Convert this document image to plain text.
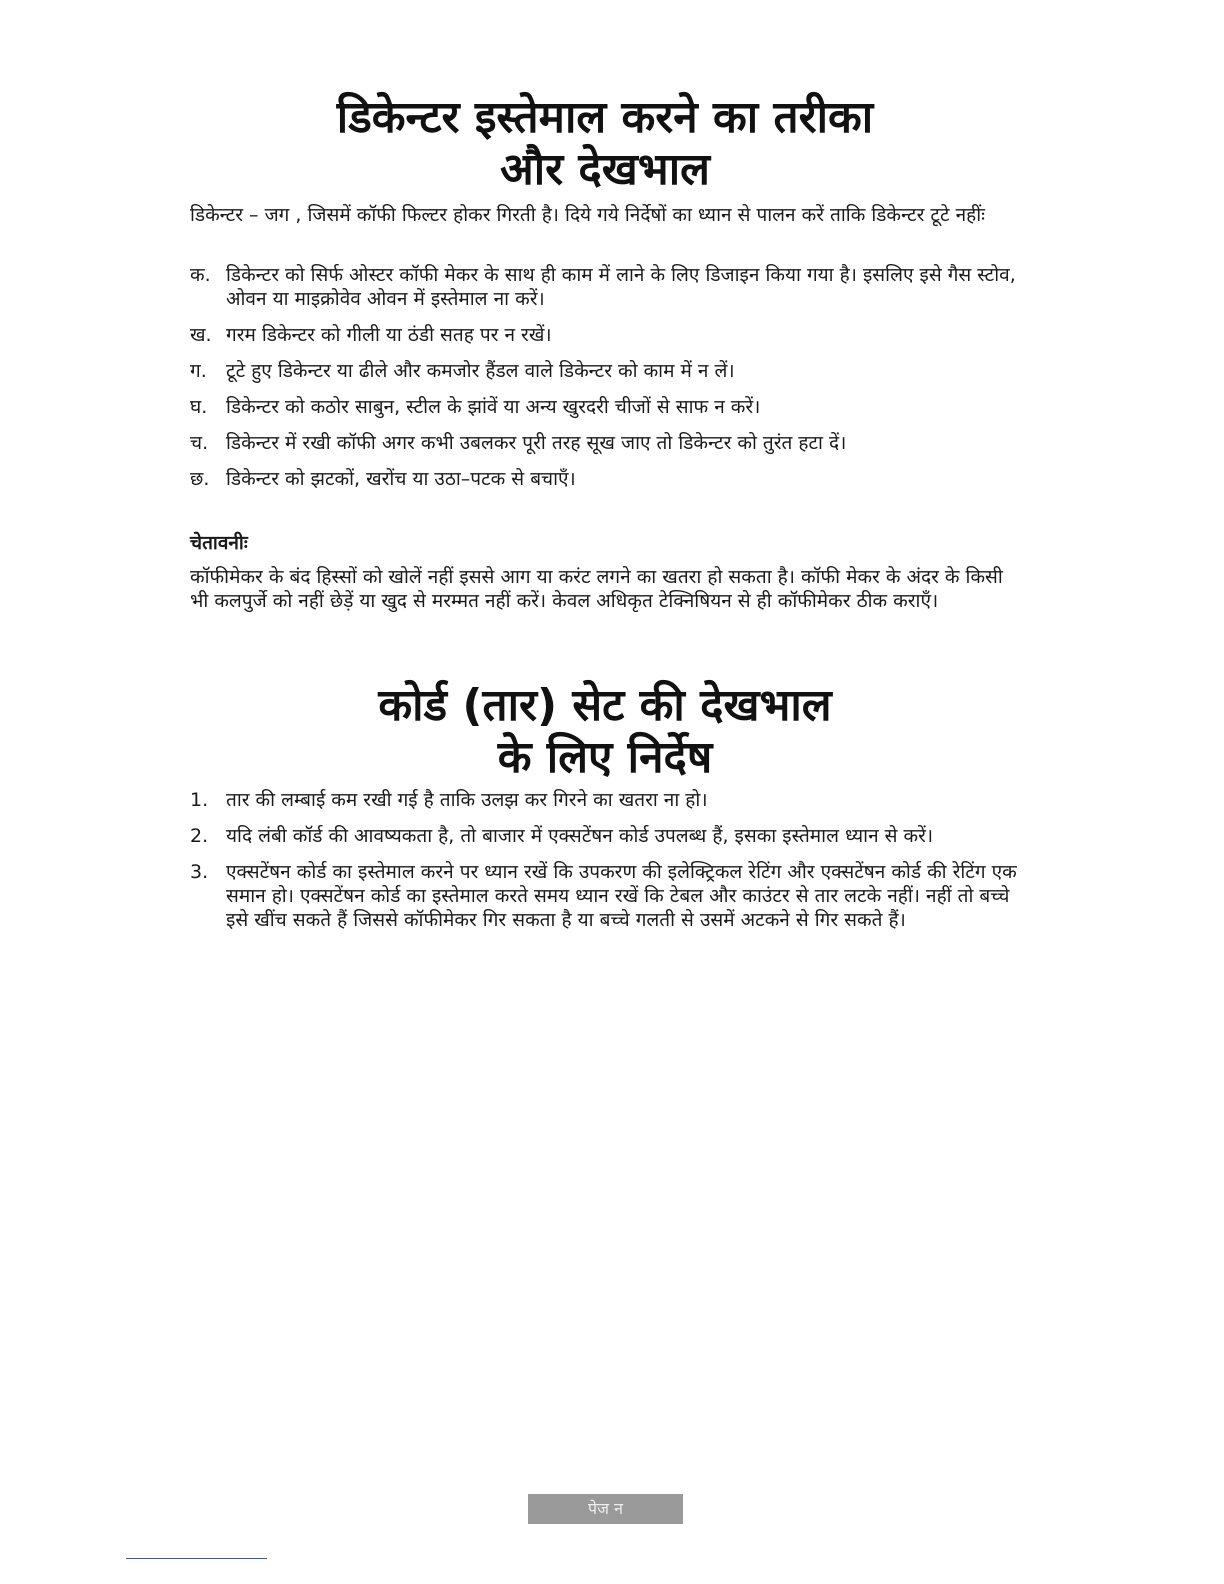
डिकेन्टर इस्तेमाल करने का तरीका
और देखभाल

डिकेन्टर – जग , जिसमें कॉफी फिल्टर होकर गिरती है। दिये गये निर्देषों का ध्यान से पालन करें ताकि डिकेन्टर टूटे नहींः

क. डिकेन्टर को सिर्फ ओस्टर कॉफी मेकर के साथ ही काम में लाने के लिए डिजाइन किया गया है। इसलिए इसे गैस स्टोव, ओवन या माइक्रोवेव ओवन में इस्तेमाल ना करें।
ख. गरम डिकेन्टर को गीली या ठंडी सतह पर न रखें।
ग.	टूटे हुए डिकेन्टर या ढीले और कमजोर हैंडल वाले डिकेन्टर को काम में न लें।
घ. डिकेन्टर को कठोर साबुन, स्टील के झांवें या अन्य खुरदरी चीजों से साफ न करें।
च. डिकेन्टर में रखी कॉफी अगर कभी उबलकर पूरी तरह सूख जाए तो डिकेन्टर को तुरंत हटा दें।
छ. डिकेन्टर को झटकों, खरोंच या उठा–पटक से बचाएँ।

चेतावनीः

कॉफीमेकर के बंद हिस्सों को खोलें नहीं इससे आग या करंट लगने का खतरा हो सकता है। कॉफी मेकर के अंदर के किसी भी कलपुर्जे को नहीं छेड़ें या खुद से मरम्मत नहीं करें। केवल अधिकृत टेक्निषियन से ही कॉफीमेकर ठीक कराएँ।

कोर्ड (तार) सेट की देखभाल
के लिए निर्देष
1. तार की लम्बाई कम रखी गई है ताकि उलझ कर गिरने का खतरा ना हो।
2. यदि लंबी कॉर्ड की आवष्यकता है, तो बाजार में एक्सटेंषन कोर्ड उपलब्ध हैं, इसका इस्तेमाल ध्यान से करें।
3. एक्सटेंषन कोर्ड का इस्तेमाल करने पर ध्यान रखें कि उपकरण की इलेक्ट्रिकल रेटिंग और एक्सटेंषन कोर्ड की रेटिंग एक समान हो। एक्सटेंषन कोर्ड का इस्तेमाल करते समय ध्यान रखें कि टेबल और काउंटर से तार लटके नहीं। नहीं तो बच्चे इसे खींच सकते हैं जिससे कॉफीमेकर गिर सकता है या बच्चे गलती से उसमें अटकने से गिर सकते हैं।
पेज न
